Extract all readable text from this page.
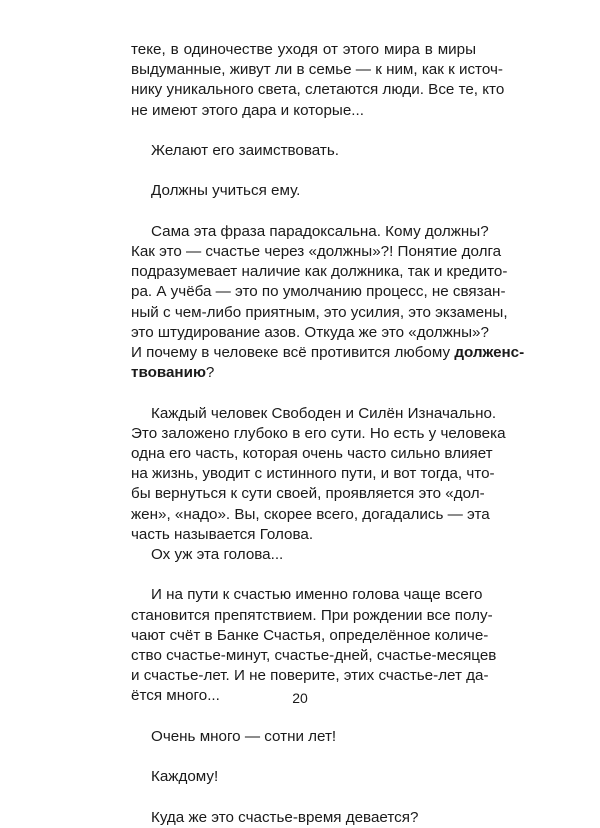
теке, в одиночестве уходя от этого мира в миры
выдуманные, живут ли в семье — к ним, как к источ-
нику уникального света, слетаются люди. Все те, кто
не имеют этого дара и которые...
Желают его заимствовать.
Должны учиться ему.
Сама эта фраза парадоксальна. Кому должны?
Как это — счастье через «должны»?! Понятие долга
подразумевает наличие как должника, так и кредито-
ра. А учёба — это по умолчанию процесс, не связан-
ный с чем-либо приятным, это усилия, это экзамены,
это штудирование азов. Откуда же это «должны»?
И почему в человеке всё противится любому долженс-
твованию?
Каждый человек Свободен и Силён Изначально.
Это заложено глубоко в его сути. Но есть у человека
одна его часть, которая очень часто сильно влияет
на жизнь, уводит с истинного пути, и вот тогда, что-
бы вернуться к сути своей, проявляется это «дол-
жен», «надо». Вы, скорее всего, догадались — эта
часть называется Голова.
Ох уж эта голова...
И на пути к счастью именно голова чаще всего
становится препятствием. При рождении все полу-
чают счёт в Банке Счастья, определённое количе-
ство счастье-минут, счастье-дней, счастье-месяцев
и счастье-лет. И не поверите, этих счастье-лет да-
ётся много...
Очень много — сотни лет!
Каждому!
Куда же это счастье-время девается?
20
